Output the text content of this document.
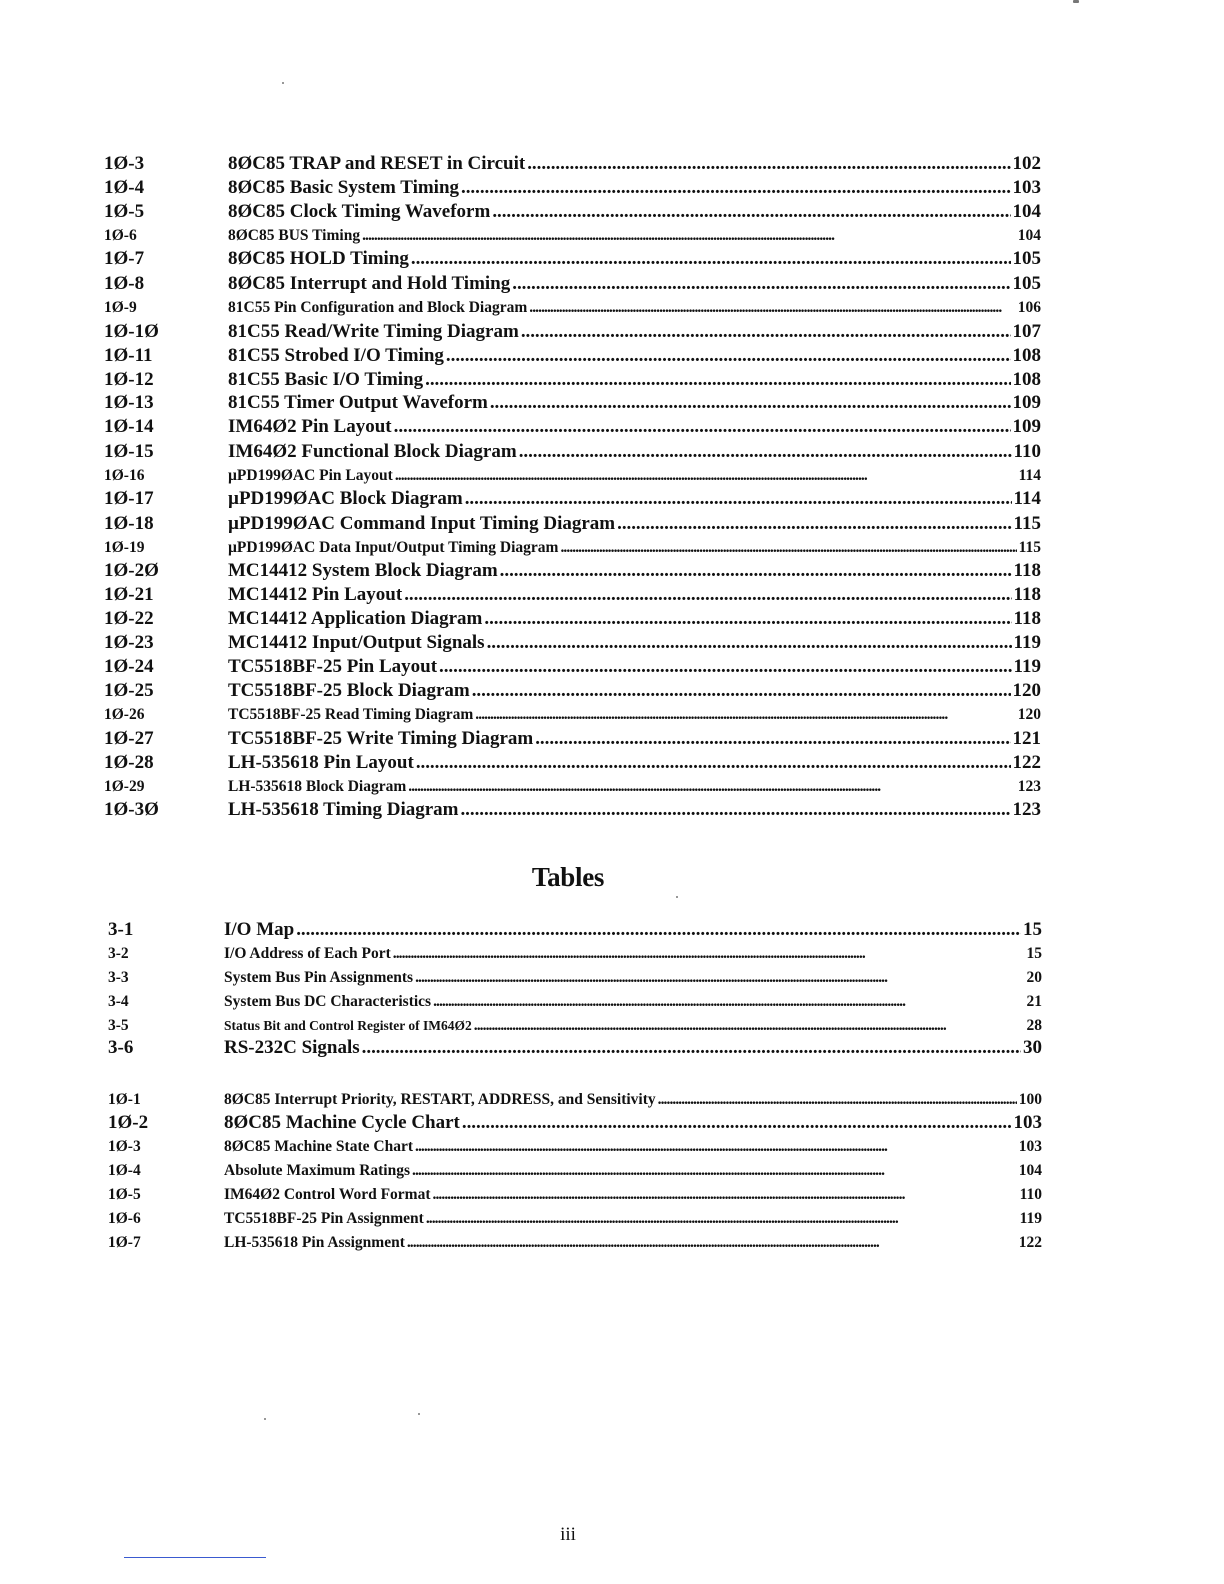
1Ø-3	8ØC85 TRAP and RESET in Circuit . . .	102
1Ø-4	8ØC85 Basic System Timing . . .	103
1Ø-5	8ØC85 Clock Timing Waveform . . .	104
1Ø-6	8ØC85 BUS Timing . . .	104
1Ø-7	8ØC85 HOLD Timing . . .	105
1Ø-8	8ØC85 Interrupt and Hold Timing . . .	105
1Ø-9	81C55 Pin Configuration and Block Diagram . . .	106
1Ø-1Ø	81C55 Read/Write Timing Diagram . . .	107
1Ø-11	81C55 Strobed I/O Timing . . .	108
1Ø-12	81C55 Basic I/O Timing . . .	108
1Ø-13	81C55 Timer Output Waveform . . .	109
1Ø-14	IM64Ø2 Pin Layout . . .	109
1Ø-15	IM64Ø2 Functional Block Diagram . . .	110
1Ø-16	µPD199ØAC Pin Layout . . .	114
1Ø-17	µPD199ØAC Block Diagram . . .	114
1Ø-18	µPD199ØAC Command Input Timing Diagram . . .	115
1Ø-19	µPD199ØAC Data Input/Output Timing Diagram . . .	115
1Ø-2Ø	MC14412 System Block Diagram . . .	118
1Ø-21	MC14412 Pin Layout . . .	118
1Ø-22	MC14412 Application Diagram . . .	118
1Ø-23	MC14412 Input/Output Signals . . .	119
1Ø-24	TC5518BF-25 Pin Layout . . .	119
1Ø-25	TC5518BF-25 Block Diagram . . .	120
1Ø-26	TC5518BF-25 Read Timing Diagram . . .	120
1Ø-27	TC5518BF-25 Write Timing Diagram . . .	121
1Ø-28	LH-535618 Pin Layout . . .	122
1Ø-29	LH-535618 Block Diagram . . .	123
1Ø-3Ø	LH-535618 Timing Diagram . . .	123
Tables
3-1	I/O Map . . .	15
3-2	I/O Address of Each Port . . .	15
3-3	System Bus Pin Assignments . . .	20
3-4	System Bus DC Characteristics . . .	21
3-5	Status Bit and Control Register of IM64Ø2 . . .	28
3-6	RS-232C Signals . . .	30
1Ø-1	8ØC85 Interrupt Priority, RESTART, ADDRESS, and Sensitivity . . .	100
1Ø-2	8ØC85 Machine Cycle Chart . . .	103
1Ø-3	8ØC85 Machine State Chart . . .	103
1Ø-4	Absolute Maximum Ratings . . .	104
1Ø-5	IM64Ø2 Control Word Format . . .	110
1Ø-6	TC5518BF-25 Pin Assignment . . .	119
1Ø-7	LH-535618 Pin Assignment . . .	122
iii
